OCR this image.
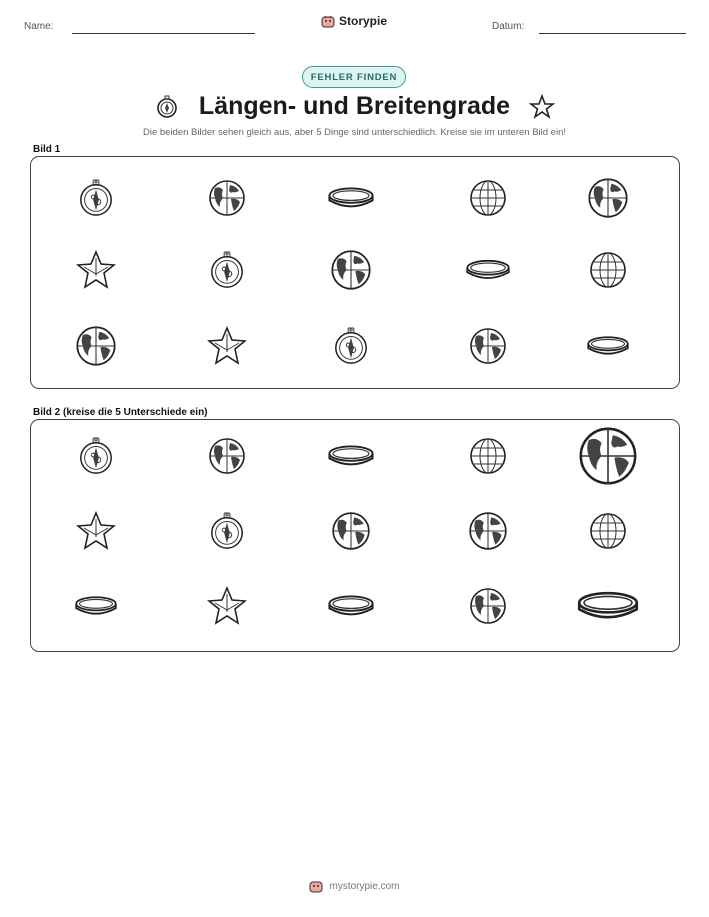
Name:	Storypie	Datum:
FEHLER FINDEN
Längen- und Breitengrade
Die beiden Bilder sehen gleich aus, aber 5 Dinge sind unterschiedlich. Kreise sie im unteren Bild ein!
Bild 1
Bild 2 (kreise die 5 Unterschiede ein)
mystorypie.com
